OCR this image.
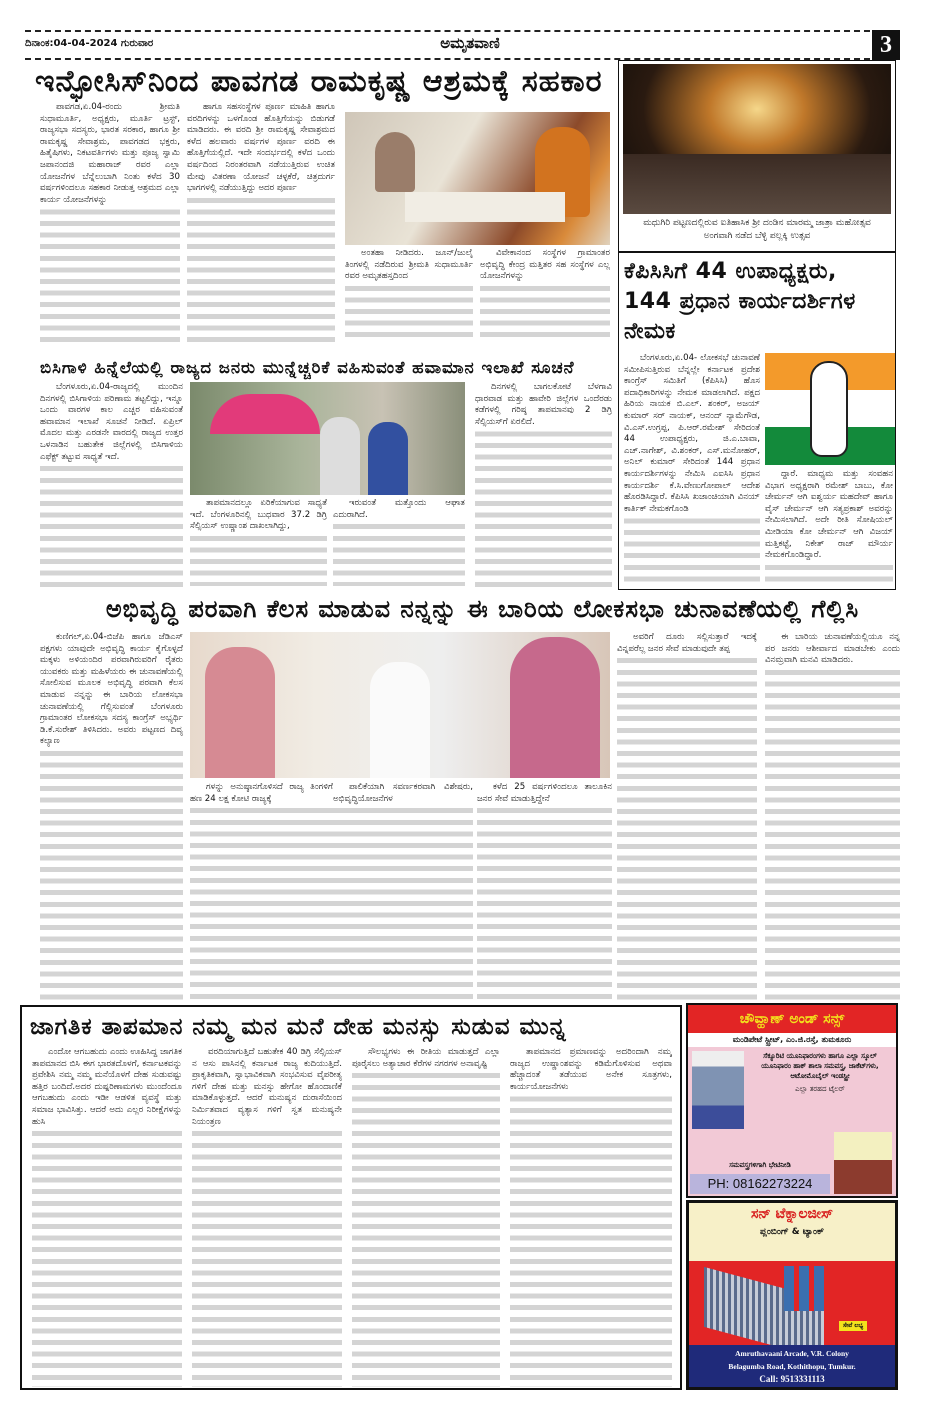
ದಿನಾಂಕ:04-04-2024 ಗುರುವಾರ	ಅಮೃತವಾಣಿ	3
ಇನ್ಫೋಸಿಸ್‌ನಿಂದ ಪಾವಗಡ ರಾಮಕೃಷ್ಣ ಆಶ್ರಮಕ್ಕೆ ಸಹಕಾರ

ಪಾವಗಡ,ಏ.04-ರಂದು ಶ್ರೀಮತಿ ಸುಧಾಮೂರ್ತಿ, ಅಧ್ಯಕ್ಷರು, ಮೂರ್ತಿ ಟ್ರಸ್ಟ್, ರಾಜ್ಯಸಭಾ ಸದಸ್ಯರು, ಭಾರತ ಸರಕಾರ, ಹಾಗೂ ಶ್ರೀ ರಾಮಕೃಷ್ಣ ಸೇವಾಶ್ರಮ, ಪಾವಗಡದ ಭಕ್ತರು, ಹಿತೈಷಿಗಳು, ನಿಕಟವರ್ತಿಗಳು ಮತ್ತು ಪೂಜ್ಯ ಸ್ವಾಮಿ ಜಪಾನಂದಜಿ ಮಹಾರಾಜ್ ರವರ ಎಲ್ಲಾ ಯೋಜನೆಗಳ ಬೆನ್ನೆಲುಬಾಗಿ ನಿಂತು ಕಳೆದ 30 ವರ್ಷಗಳಿಂದಲೂ ಸಹಕಾರ ನೀಡುತ್ತ ಆಶ್ರಮದ ಎಲ್ಲಾ ಕಾರ್ಯ ಯೋಜನೆಗಳನ್ನು

ಹಾಗೂ ಸಹಸಂಸ್ಥೆಗಳ ಪೂರ್ಣ ಮಾಹಿತಿ ಹಾಗೂ ವರದಿಗಳನ್ನು ಒಳಗೊಂಡ ಹೊತ್ತಿಗೆಯನ್ನು ಬಿಡುಗಡೆ ಮಾಡಿದರು. ಈ ವರದಿ ಶ್ರೀ ರಾಮಕೃಷ್ಣ ಸೇವಾಶ್ರಮದ ಕಳೆದ ಹಲವಾರು ವರ್ಷಗಳ ಪೂರ್ಣ ವರದಿ ಈ ಹೊತ್ತಿಗೆಯಲ್ಲಿದೆ. ಇದೇ ಸಂದರ್ಭದಲ್ಲಿ ಕಳೆದ ಒಂದು ವರ್ಷದಿಂದ ನಿರಂತರವಾಗಿ ನಡೆಯುತ್ತಿರುವ ಉಚಿತ ಮೇವು ವಿತರಣಾ ಯೋಜನೆ ಚಳ್ಳಕೆರೆ, ಚಿತ್ರದುರ್ಗ ಭಾಗಗಳಲ್ಲಿ ನಡೆಯುತ್ತಿದ್ದು ಅದರ ಪೂರ್ಣ

ಅಂತಹಾ ನೀಡಿದರು. ಜೂನ್/ಜುಲೈ ತಿಂಗಳಲ್ಲಿ ನಡೆದಿರುವ ಶ್ರೀಮತಿ ಸುಧಾಮೂರ್ತಿ ರವರ ಅಮೃತಹಸ್ತದಿಂದ

ವಿವೇಕಾನಂದ ಸಂಸ್ಥೆಗಳ ಗ್ರಾಮಾಂತರ ಅಭಿವೃದ್ಧಿ ಕೇಂದ್ರ ಮತ್ತಿತರ ಸಹ ಸಂಸ್ಥೆಗಳ ಎಲ್ಲ ಯೋಜನೆಗಳನ್ನು

ಮಧುಗಿರಿ ಪಟ್ಟಣದಲ್ಲಿರುವ ಐತಿಹಾಸಿಕ ಶ್ರೀ ದಂಡಿನ ಮಾರಮ್ಮ ಜಾತ್ರಾ ಮಹೋತ್ಸವ ಅಂಗವಾಗಿ ನಡೆದ ಬೆಳ್ಳಿ ಪಲ್ಲಕ್ಕಿ ಉತ್ಸವ
ಕೆಪಿಸಿಸಿಗೆ 44 ಉಪಾಧ್ಯಕ್ಷರು, 144 ಪ್ರಧಾನ ಕಾರ್ಯದರ್ಶಿಗಳ ನೇಮಕ

ಬೆಂಗಳೂರು,ಏ.04- ಲೋಕಸಭೆ ಚುನಾವಣೆ ಸಮೀಪಿಸುತ್ತಿರುವ ಬೆನ್ನಲ್ಲೇ ಕರ್ನಾಟಕ ಪ್ರದೇಶ ಕಾಂಗ್ರೆಸ್ ಸಮಿತಿಗೆ (ಕೆಪಿಸಿಸಿ) ಹೊಸ ಪದಾಧಿಕಾರಿಗಳನ್ನು ನೇಮಕ ಮಾಡಲಾಗಿದೆ. ಪಕ್ಷದ ಹಿರಿಯ ನಾಯಕ ಬಿ.ಎಲ್. ಶಂಕರ್, ಅಜಯ್ ಕುಮಾರ್ ಸರ್ ನಾಯಕ್, ಆನಂದ್ ನ್ಯಾಮೆಗೌಡ, ವಿ.ಎಸ್.ಉಗ್ರಪ್ಪ, ಪಿ.ಆರ್.ರಮೇಶ್ ಸೇರಿದಂತೆ 44 ಉಪಾಧ್ಯಕ್ಷರು, ಜಿ.ಎ.ಬಾವಾ, ಎಚ್.ನಾಗೇಶ್, ವಿ.ಶಂಕರ್, ಎಸ್.ಮನೋಹರ್, ಅನಿಲ್ ಕುಮಾರ್ ಸೇರಿದಂತೆ 144 ಪ್ರಧಾನ ಕಾರ್ಯದರ್ಶಿಗಳನ್ನು ನೇಮಿಸಿ ಎಐಸಿಸಿ ಪ್ರಧಾನ ಕಾರ್ಯದರ್ಶಿ ಕೆ.ಸಿ.ವೇಣುಗೋಪಾಲ್ ಆದೇಶ ಹೊರಡಿಸಿದ್ದಾರೆ. ಕೆಪಿಸಿಸಿ ಖಜಾಂಚಿಯಾಗಿ ವಿನಯ್ ಕಾರ್ತಿಕ್ ನೇಮಕಗೊಂಡಿ

ದ್ದಾರೆ. ಮಾಧ್ಯಮ ಮತ್ತು ಸಂವಹನ ವಿಭಾಗ ಅಧ್ಯಕ್ಷರಾಗಿ ರಮೇಶ್ ಬಾಬು, ಕೋ ಚೇರ್ಮನ್ ಆಗಿ ಐಶ್ವರ್ಯ ಮಹದೇವ್ ಹಾಗೂ ವೈಸ್ ಚೇರ್ಮನ್ ಆಗಿ ಸತ್ಯಪ್ರಕಾಶ್ ಅವರನ್ನು ನೇಮಿಸಲಾಗಿದೆ. ಅದೇ ರೀತಿ ಸೋಷಿಯಲ್ ಮೀಡಿಯಾ ಕೋ ಚೇರ್ಮನ್ ಆಗಿ ವಿಜಯ್ ಮತ್ತಿಕಟ್ಟೆ, ನಿಕೇತ್ ರಾಜ್ ಮೌರ್ಯ ನೇಮಕಗೊಂಡಿದ್ದಾರೆ.

ಬಿಸಿಗಾಳಿ ಹಿನ್ನೆಲೆಯಲ್ಲಿ ರಾಜ್ಯದ ಜನರು ಮುನ್ನೆಚ್ಚರಿಕೆ ವಹಿಸುವಂತೆ ಹವಾಮಾನ ಇಲಾಖೆ ಸೂಚನೆ

ಬೆಂಗಳೂರು,ಏ.04-ರಾಜ್ಯದಲ್ಲಿ ಮುಂದಿನ ದಿನಗಳಲ್ಲಿ ಬಿಸಿಗಾಳಿಯ ಪರಿಣಾಮ ತಟ್ಟಲಿದ್ದು, ಇನ್ನೂ ಒಂದು ವಾರಗಳ ಕಾಲ ಎಚ್ಚರ ವಹಿಸುವಂತೆ ಹವಾಮಾನ ಇಲಾಖೆ ಸೂಚನೆ ನೀಡಿದೆ. ಏಪ್ರಿಲ್ ಮೊದಲ ಮತ್ತು ಎರಡನೇ ವಾರದಲ್ಲಿ ರಾಜ್ಯದ ಉತ್ತರ ಒಳನಾಡಿನ ಬಹುತೇಕ ಜಿಲ್ಲೆಗಳಲ್ಲಿ ಬಿಸಿಗಾಳಿಯ ಎಫೆಕ್ಟ್ ತಟ್ಟುವ ಸಾಧ್ಯತೆ ಇದೆ.

ತಾಪಮಾನದಲ್ಲೂ ಏರಿಕೆಯಾಗುವ ಸಾಧ್ಯತೆ ಇದೆ. ಬೆಂಗಳೂರಿನಲ್ಲಿ ಬುಧವಾರ 37.2 ಡಿಗ್ರಿ ಸೆಲ್ಸಿಯಸ್ ಉಷ್ಣಾಂಶ ದಾಖಲಾಗಿದ್ದು,

ಇರುವಂತೆ ಮತ್ತೊಂದು ಆಘಾತ ಎದುರಾಗಿದೆ.

ದಿನಗಳಲ್ಲಿ ಬಾಗಲಕೋಟೆ ಬೆಳಗಾವಿ ಧಾರವಾಡ ಮತ್ತು ಹಾವೇರಿ ಜಿಲ್ಲೆಗಳ ಒಂದೆರಡು ಕಡೆಗಳಲ್ಲಿ ಗರಿಷ್ಠ ತಾಪಮಾನವು 2 ಡಿಗ್ರಿ ಸೆಲ್ಸಿಯಸ್‌ಗೆ ಏರಲಿದೆ.

ಅಭಿವೃದ್ಧಿ ಪರವಾಗಿ ಕೆಲಸ ಮಾಡುವ ನನ್ನನ್ನು ಈ ಬಾರಿಯ ಲೋಕಸಭಾ ಚುನಾವಣೆಯಲ್ಲಿ ಗೆಲ್ಲಿಸಿ

ಕುಣಿಗಲ್,ಏ.04-ಬಿಜೆಪಿ ಹಾಗೂ ಜೆಡಿಎಸ್ ಪಕ್ಷಗಳು ಯಾವುದೇ ಅಭಿವೃದ್ಧಿ ಕಾರ್ಯ ಕೈಗೊಳ್ಳದೆ ಮಕ್ಕಳು ಅಳಿಯಂದಿರ ಪರವಾಗಿರುವರಿಗೆ ರೈತರು ಯುವಕರು ಮತ್ತು ಮಹಿಳೆಯರು ಈ ಚುನಾವಣೆಯಲ್ಲಿ ಸೋಲಿಸುವ ಮೂಲಕ ಅಭಿವೃದ್ಧಿ ಪರವಾಗಿ ಕೆಲಸ ಮಾಡುವ ನನ್ನನ್ನು ಈ ಬಾರಿಯ ಲೋಕಸಭಾ ಚುನಾವಣೆಯಲ್ಲಿ ಗೆಲ್ಲಿಸುವಂತೆ ಬೆಂಗಳೂರು ಗ್ರಾಮಾಂತರ ಲೋಕಸಭಾ ಸದಸ್ಯ ಕಾಂಗ್ರೆಸ್ ಅಭ್ಯರ್ಥಿ ಡಿ.ಕೆ.ಸುರೇಶ್ ತಿಳಿಸಿದರು. ಅವರು ಪಟ್ಟಣದ ದಿವ್ಯ ಕಲ್ಯಾಣ

ಗಳನ್ನು ಅನುಷ್ಠಾನಗೊಳಿಸದೆ ರಾಜ್ಯ ತಿಂಗಳಿಗೆ ಹಣ 24 ಲಕ್ಷ ಕೋಟಿ ರಾಜ್ಯಕ್ಕೆ

ಪಾಲಿಕೆಯಾಗಿ ಸವರ್ಣಕರವಾಗಿ ವಿಶೇಷರು, ಅಭಿವೃದ್ಧಿಯೋಜನೆಗಳ

ಕಳೆದ 25 ವರ್ಷಗಳಿಂದಲೂ ತಾಲೂಕಿನ ಜನರ ಸೇವೆ ಮಾಡುತ್ತಿದ್ದೇನೆ

ಅವರಿಗೆ ದೂರು ಸಲ್ಲಿಸುತ್ತಾರೆ ಇದಕ್ಕೆ ವಿನ್ನಪರೆಲ್ಲ ಜನರ ಸೇವೆ ಮಾಡುವುದೇ ತಪ್ಪ

ಈ ಬಾರಿಯ ಚುನಾವಣೆಯಲ್ಲಿಯೂ ನನ್ನ ಪರ ಜನರು ಆಶೀರ್ವಾದ ಮಾಡಬೇಕು ಎಂದು ವಿನಮ್ರವಾಗಿ ಮನವಿ ಮಾಡಿದರು.

ಜಾಗತಿಕ ತಾಪಮಾನ ನಮ್ಮ ಮನ ಮನೆ ದೇಹ ಮನಸ್ಸು ಸುಡುವ ಮುನ್ನ

ಎಂದೋ ಆಗಬಹುದು ಎಂದು ಊಹಿಸಿದ್ದ ಜಾಗತಿಕ ತಾಪಮಾನದ ಬಿಸಿ ಈಗ ಭಾರತದೊಳಗೆ, ಕರ್ನಾಟಕವನ್ನು ಪ್ರವೇಶಿಸಿ ನಮ್ಮ ನಮ್ಮ ಮನೆಯೊಳಗೆ ದೇಹ ಸುಡುವಷ್ಟು ಹತ್ತಿರ ಬಂದಿದೆ.ಅದರ ದುಷ್ಪರಿಣಾಮಗಳು ಮುಂದೆಂದೂ ಆಗಬಹುದು ಎಂದು ಇಡೀ ಆಡಳಿತ ವ್ಯವಸ್ಥೆ ಮತ್ತು ಸಮಾಜ ಭಾವಿಸಿತ್ತು. ಆದರೆ ಅದು ಎಲ್ಲರ ನಿರೀಕ್ಷೆಗಳನ್ನು ಹುಸಿ

ವರದಿಯಾಗುತ್ತಿದೆ ಬಹುತೇಕ 40 ಡಿಗ್ರಿ ಸೆಲ್ಸಿಯಸ್ ನ ಆಸು ಪಾಸಿನಲ್ಲಿ ಕರ್ನಾಟಕ ರಾಜ್ಯ ಕುದಿಯುತ್ತಿದೆ. ಪ್ರಾಕೃತಿಕವಾಗಿ, ಸ್ವಾಭಾವಿಕವಾಗಿ ಸಂಭವಿಸುವ ವೈಪರೀತ್ಯ ಗಳಿಗೆ ದೇಹ ಮತ್ತು ಮನಸ್ಸು ಹೇಗೋ ಹೊಂದಾಣಿಕೆ ಮಾಡಿಕೊಳ್ಳುತ್ತದೆ. ಆದರೆ ಮನುಷ್ಯನ ದುರಾಸೆಯಿಂದ ನಿರ್ಮಿತವಾದ ವ್ಯತ್ಯಾಸ ಗಳಿಗೆ ಸ್ವತ ಮನುಷ್ಯನೇ ನಿಯಂತ್ರಣ

ಸೌಲಭ್ಯಗಳು ಈ ರೀತಿಯ ಮಾಡುತ್ತದೆ ಎಲ್ಲಾ ಪೂರೈಸಲು ಅತ್ಯಾಚಾರ ಕೆರೆಗಳ ನಗರಗಳ ಅನಾವೃಷ್ಟಿ

ತಾಪಮಾನದ ಪ್ರಮಾಣವನ್ನು ಅದರಿಂದಾಗಿ ನಮ್ಮ ರಾಜ್ಯದ ಉಷ್ಣಾಂಶವನ್ನು ಕಡಿಮೆಗೊಳಿಸುವ ಅಥವಾ ಹೆಚ್ಚಾದಂತೆ ತಡೆಯುವ ಅನೇಕ ಸೂತ್ರಗಳು, ಕಾರ್ಯಯೋಜನೆಗಳು

ಚೌವ್ಹಾಣ್ ಅಂಡ್ ಸನ್ಸ್
ಮಂಡಿಪೇಟೆ ಸ್ಟ್ರೀಟ್, ಎಂ.ಜಿ.ರಸ್ತೆ, ತುಮಕೂರು
ಸೆಕ್ಯೂರಿಟಿ ಯೂನಿಫಾರಂಗಳು ಹಾಗೂ ಎಲ್ಲಾ ಸ್ಕೂಲ್ ಯೂನಿಫಾರಂ ಹಾಕ್ ಶಾಲಾ ಸಮವಸ್ತ್ರ, ಜಾಕೆಟ್‌ಗಳು, ಆಟೋಮೊಬೈಲ್ ಇಂಡಸ್ಟ್ರೀ
ಎಲ್ಲಾ ತರಹದ ಟೈಲರ್
ಸಮವಸ್ತ್ರಗಳಿಗಾಗಿ ಭೇಟಿನೀಡಿ
PH: 08162273224
ಸನ್ ಟೆಕ್ನಾಲಜೀಸ್
ಪ್ಲಂಬಿಂಗ್ & ಟ್ಯಾಂಕ್
ಸೇವೆ ಲಭ್ಯ
Amruthavaani Arcade, V.R. Colony
Belagumba Road, Kothithopu, Tumkur.
Call: 9513331113
